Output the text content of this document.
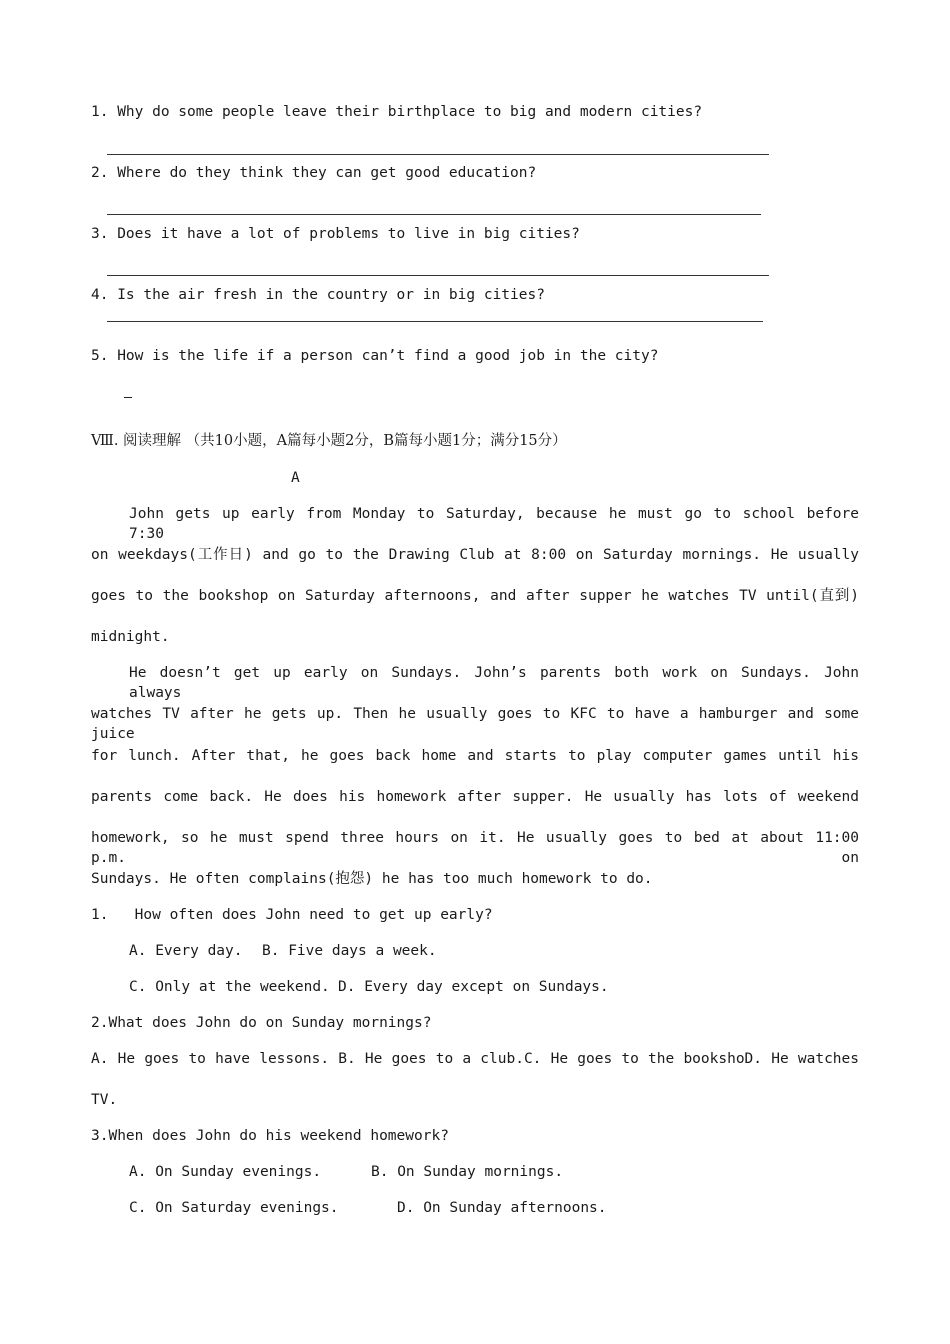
1. Why do some people leave their birthplace to big and modern cities?
2. Where do they think they can get good education?
3. Does it have a lot of problems to live in big cities?
4. Is the air fresh in the country or in big cities?
5. How is the life if a person can’t find a good job in the city?
Ⅷ. 阅读理解 （共10小题，A篇每小题2分，B篇每小题1分；满分15分）
A
John gets up early from Monday to Saturday, because he must go to school before 7:30
on weekdays(工作日) and go to the Drawing Club at 8:00 on Saturday mornings. He usually
goes to the bookshop on Saturday afternoons, and after supper he watches TV until(直到)
midnight.
He doesn’t get up early on Sundays. John’s parents both work on Sundays. John always
watches TV after he gets up. Then he usually goes to KFC to have a hamburger and some juice
for lunch. After that, he goes back home and starts to play computer games until his
parents come back. He does his homework after supper. He usually has lots of weekend
homework, so he must spend three hours on it. He usually goes to bed at about 11:00 p.m. on
Sundays. He often complains(抱怨) he has too much homework to do.
1.   How often does John need to get up early?
A. Every day. B. Five days a week.
C. Only at the weekend. D. Every day except on Sundays.
2.What does John do on Sunday mornings?
A. He goes to have lessons. B. He goes to a club.C. He goes to the bookshoD. He watches
TV.
3.When does John do his weekend homework?
A. On Sunday evenings.	B. On Sunday mornings.
C. On Saturday evenings.	D. On Sunday afternoons.
